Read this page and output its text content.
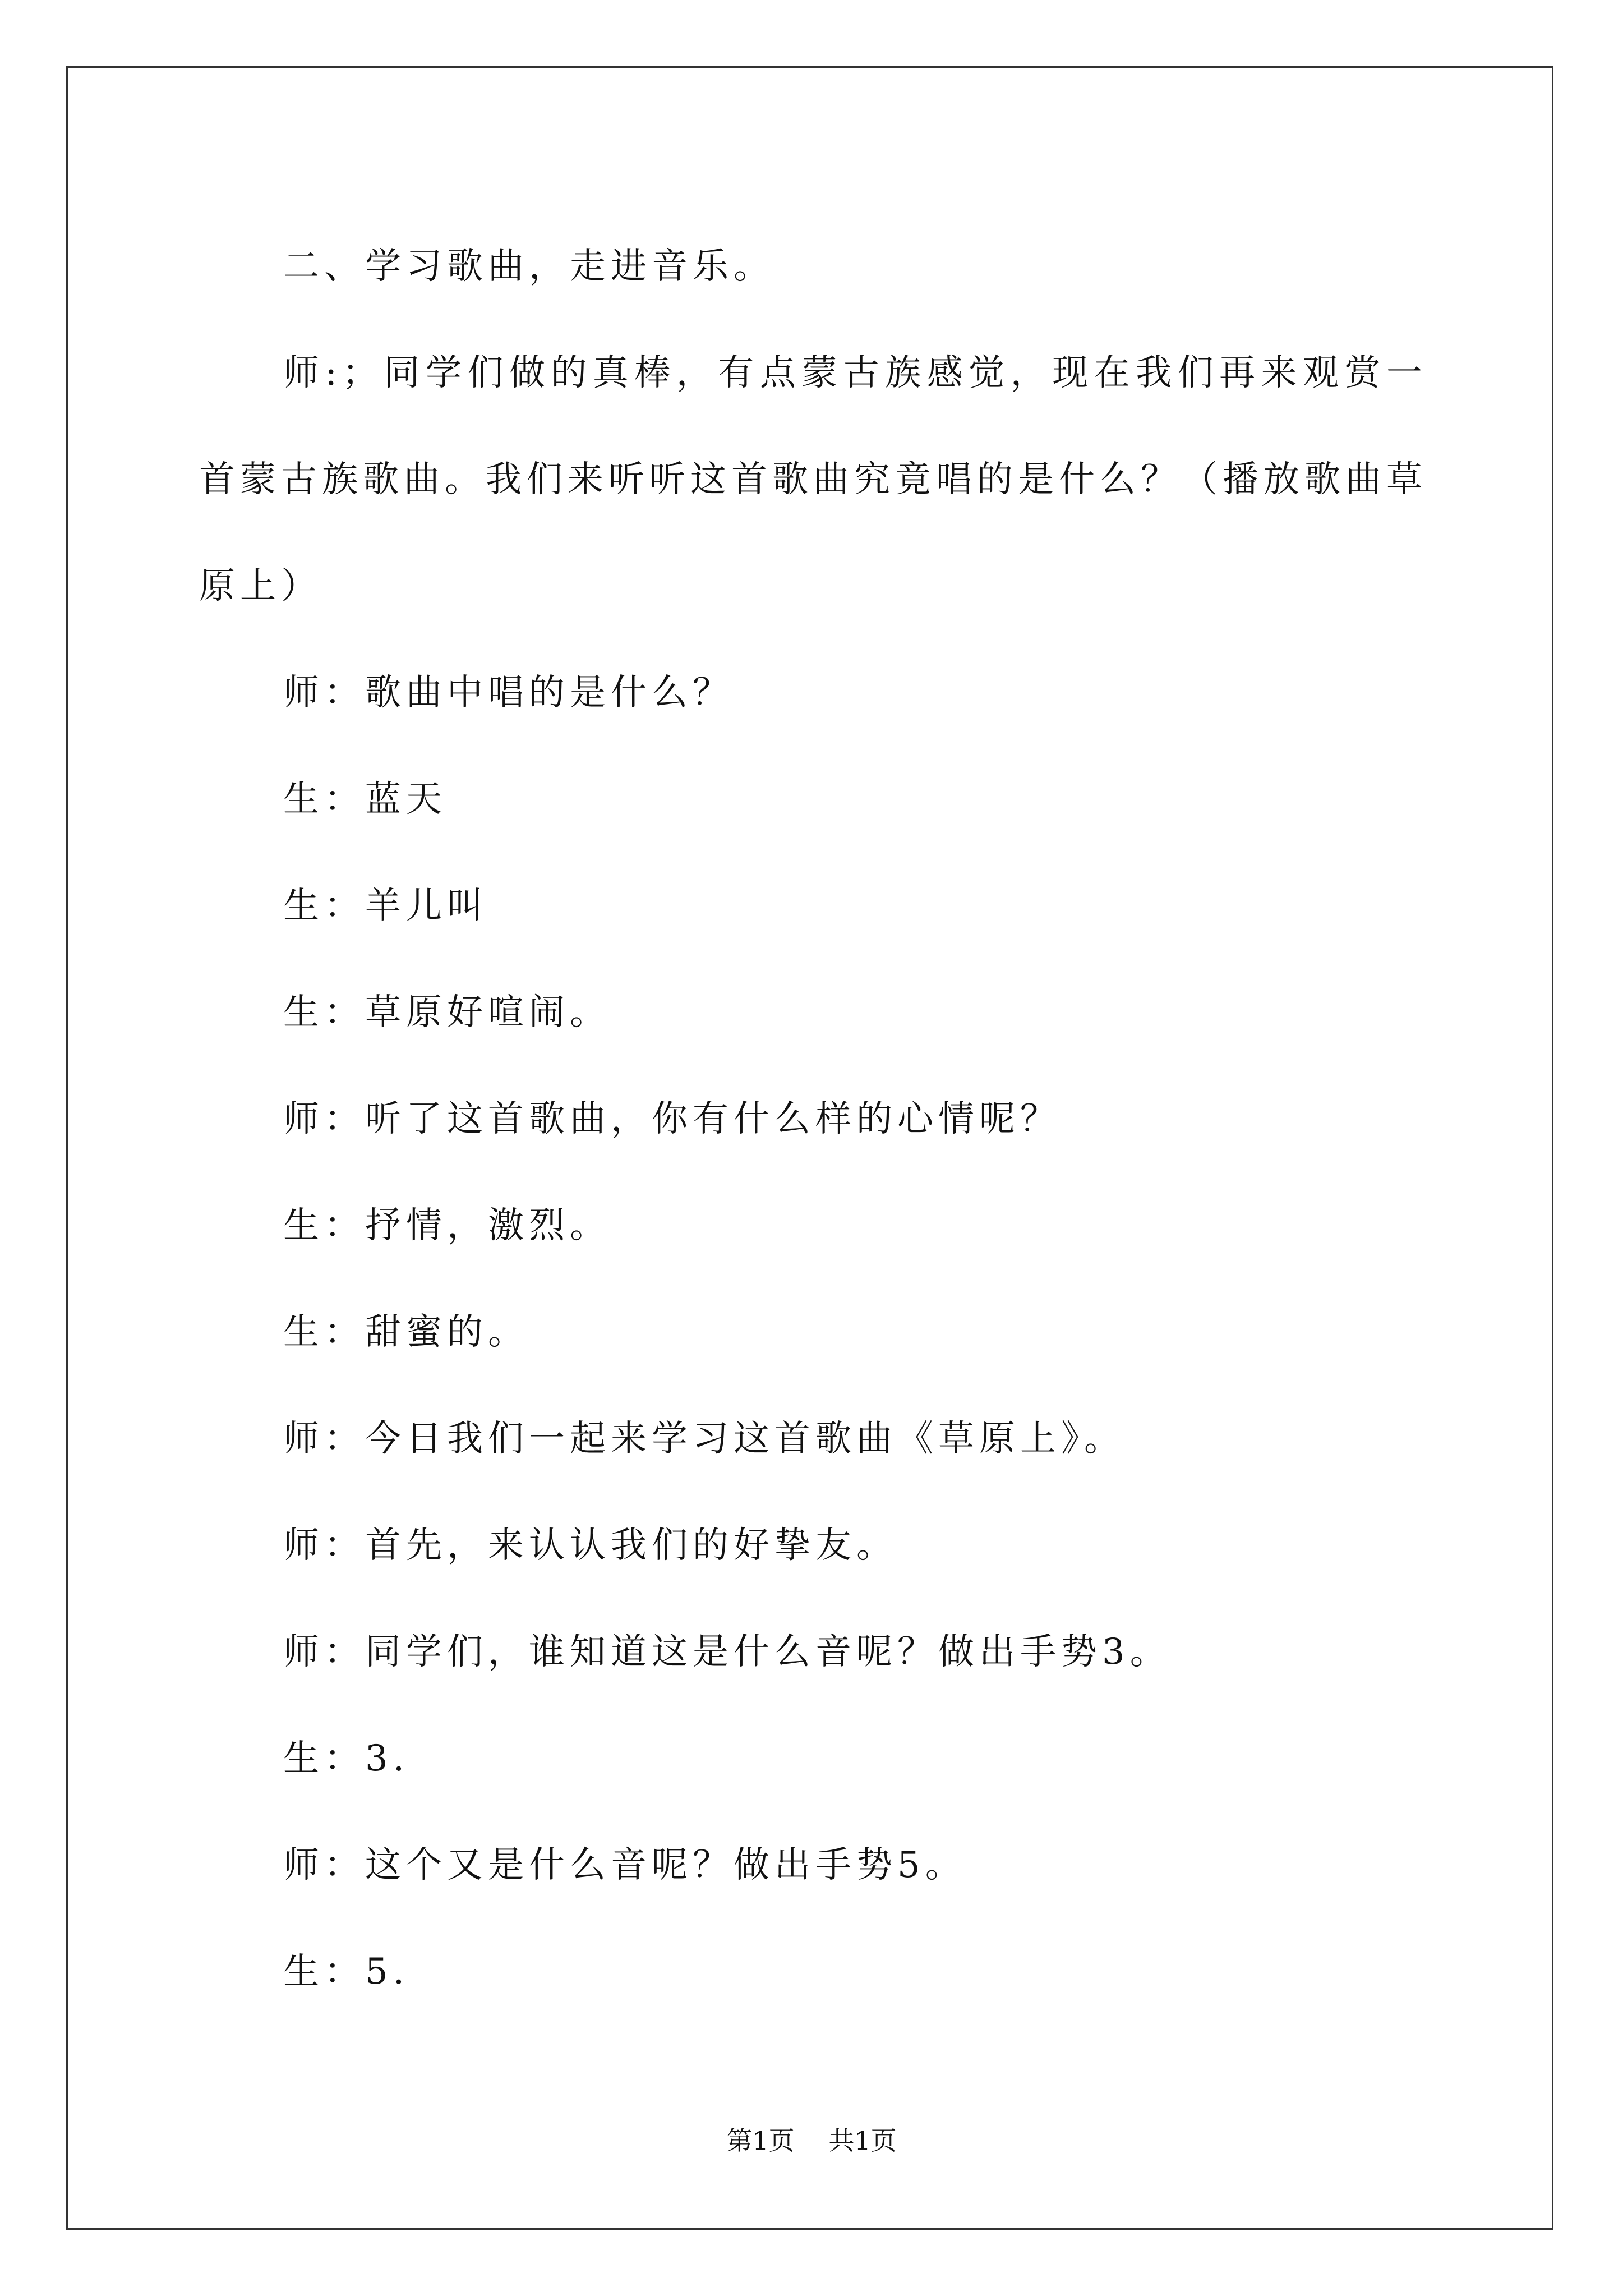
二、学习歌曲，走进音乐。

师:；同学们做的真棒，有点蒙古族感觉，现在我们再来观赏一首蒙古族歌曲。我们来听听这首歌曲究竟唱的是什么？（播放歌曲草原上）

师：歌曲中唱的是什么？

生：蓝天

生：羊儿叫

生：草原好喧闹。

师：听了这首歌曲，你有什么样的心情呢？

生：抒情，激烈。

生：甜蜜的。

师：今日我们一起来学习这首歌曲《草原上》。

师：首先，来认认我们的好挚友。

师：同学们，谁知道这是什么音呢？做出手势3。

生：3.

师：这个又是什么音呢？做出手势5。

生：5.

第1页 共1页
